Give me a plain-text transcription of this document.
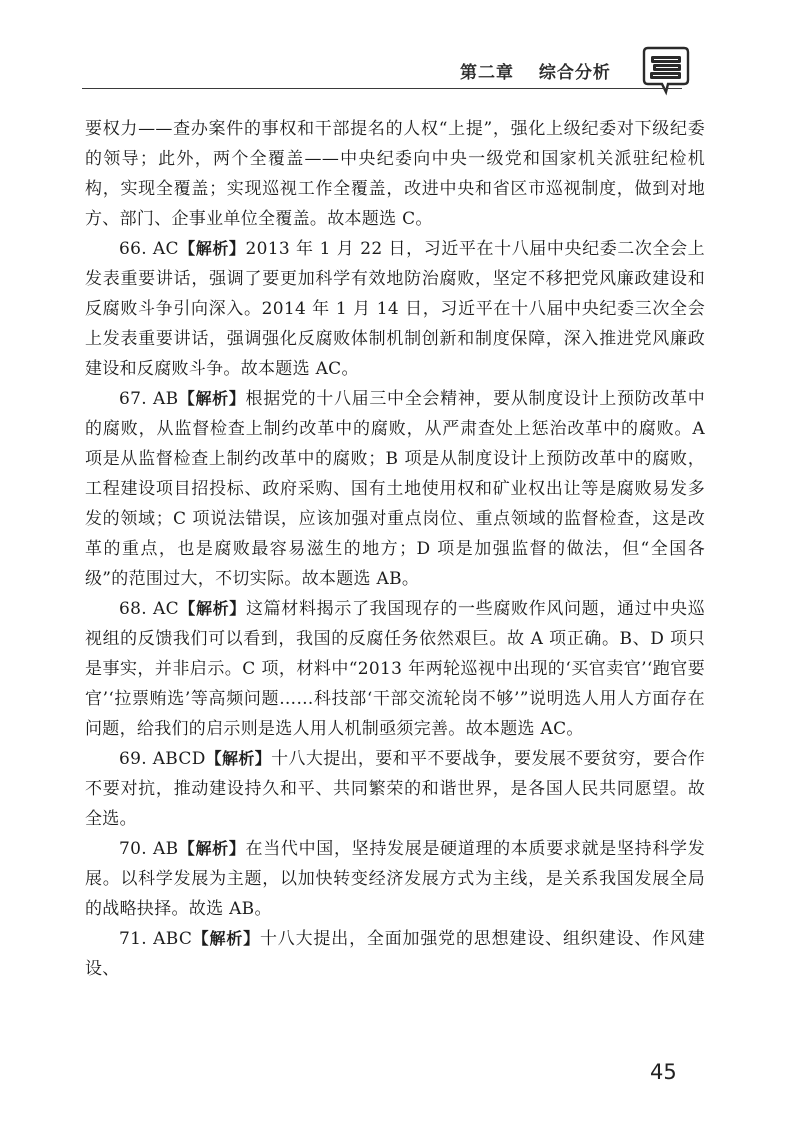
第二章 综合分析

要权力——查办案件的事权和干部提名的人权“上提”，强化上级纪委对下级纪委的领导；此外，两个全覆盖——中央纪委向中央一级党和国家机关派驻纪检机构，实现全覆盖；实现巡视工作全覆盖，改进中央和省区市巡视制度，做到对地方、部门、企事业单位全覆盖。故本题选 C。

66. AC【解析】2013 年 1 月 22 日，习近平在十八届中央纪委二次全会上发表重要讲话，强调了要更加科学有效地防治腐败，坚定不移把党风廉政建设和反腐败斗争引向深入。2014 年 1 月 14 日，习近平在十八届中央纪委三次全会上发表重要讲话，强调强化反腐败体制机制创新和制度保障，深入推进党风廉政建设和反腐败斗争。故本题选 AC。

67. AB【解析】根据党的十八届三中全会精神，要从制度设计上预防改革中的腐败，从监督检查上制约改革中的腐败，从严肃查处上惩治改革中的腐败。A 项是从监督检查上制约改革中的腐败；B 项是从制度设计上预防改革中的腐败，工程建设项目招投标、政府采购、国有土地使用权和矿业权出让等是腐败易发多发的领域；C 项说法错误，应该加强对重点岗位、重点领域的监督检查，这是改革的重点，也是腐败最容易滋生的地方；D 项是加强监督的做法，但“全国各级”的范围过大，不切实际。故本题选 AB。

68. AC【解析】这篇材料揭示了我国现存的一些腐败作风问题，通过中央巡视组的反馈我们可以看到，我国的反腐任务依然艰巨。故 A 项正确。B、D 项只是事实，并非启示。C 项，材料中“2013 年两轮巡视中出现的‘买官卖官’‘跑官要官’‘拉票贿选’等高频问题……科技部‘干部交流轮岗不够’”说明选人用人方面存在问题，给我们的启示则是选人用人机制亟须完善。故本题选 AC。

69. ABCD【解析】十八大提出，要和平不要战争，要发展不要贫穷，要合作不要对抗，推动建设持久和平、共同繁荣的和谐世界，是各国人民共同愿望。故全选。

70. AB【解析】在当代中国，坚持发展是硬道理的本质要求就是坚持科学发展。以科学发展为主题，以加快转变经济发展方式为主线，是关系我国发展全局的战略抉择。故选 AB。

71. ABC【解析】十八大提出，全面加强党的思想建设、组织建设、作风建设、

45
